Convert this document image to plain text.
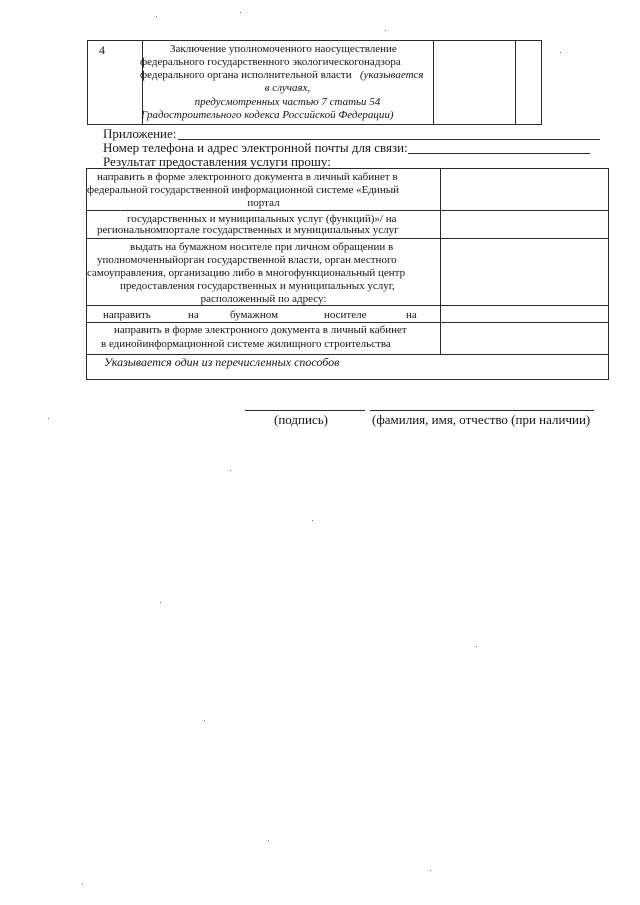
4	Заключение уполномоченного наосуществление
федерального государственного экологическогонадзора
федерального органа исполнительной власти (указывается
в случаях,
предусмотренных частью 7 статьи 54
Градостроительного кодекса Российской Федерации)
Приложение:
Номер телефона и адрес электронной почты для связи:
Результат предоставления услуги прошу:
направить в форме электронного документа в личный кабинет в
федеральной государственной информационной системе «Единый
портал
государственных и муниципальных услуг (функций)»/ на
региональномпортале государственных и муниципальных услуг
выдать на бумажном носителе при личном обращении в
уполномоченныйорган государственной власти, орган местного
самоуправления, организацию либо в многофункциональный центр
предоставления государственных и муниципальных услуг,
расположенный по адресу:
направить	на	бумажном	носителе	на
направить в форме электронного документа в личный кабинет
в единойинформационной системе жилищного строительства
Указывается один из перечисленных способов
(подпись)	(фамилия, имя, отчество (при наличии)
